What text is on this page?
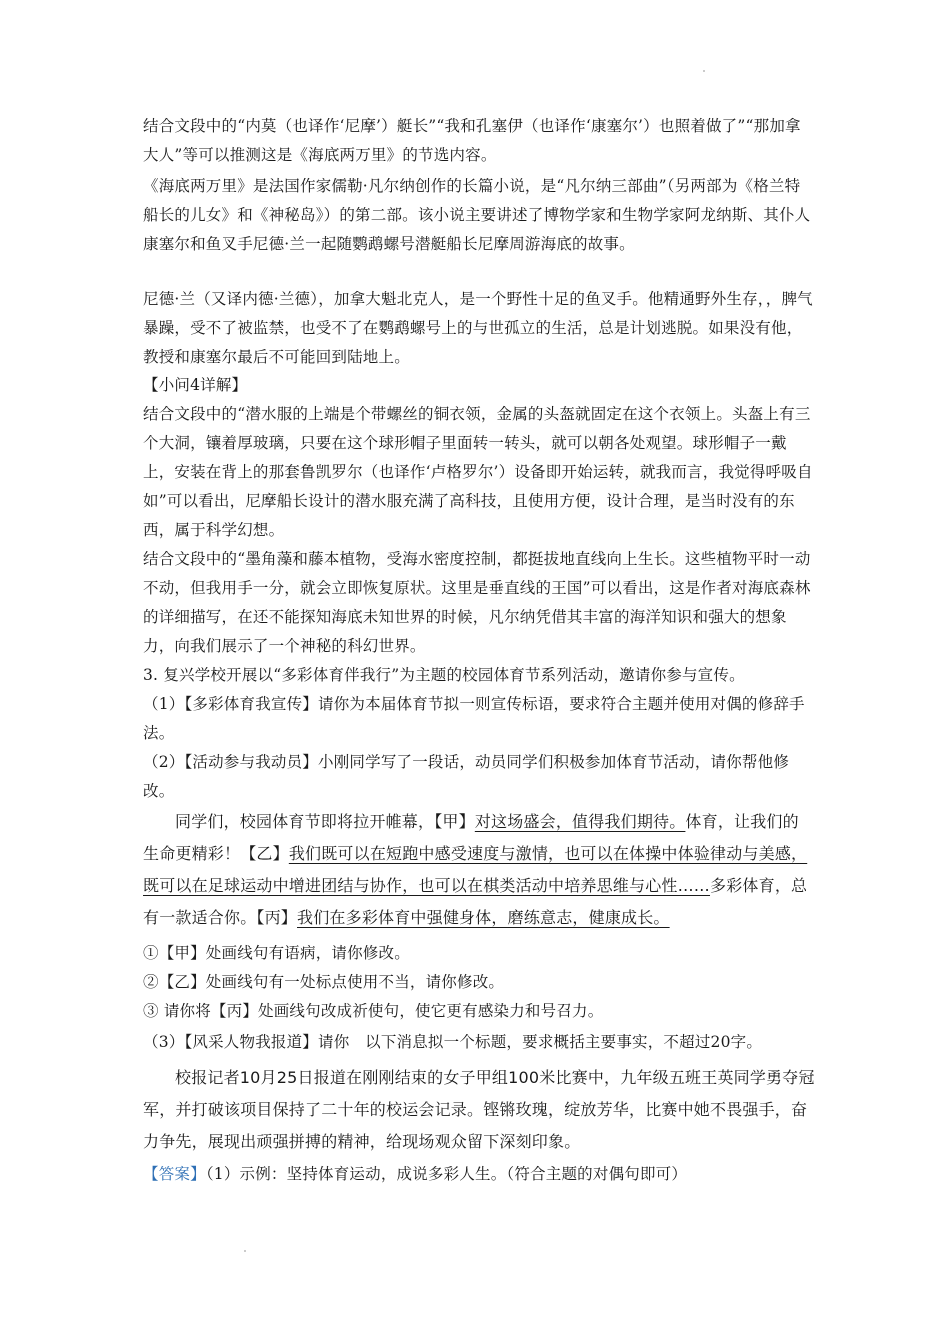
结合文段中的“内莫（也译作‘尼摩’）艇长”“我和孔塞伊（也译作‘康塞尔’）也照着做了”“那加拿大人”等可以推测这是《海底两万里》的节选内容。
《海底两万里》是法国作家儒勒·凡尔纳创作的长篇小说，是“凡尔纳三部曲”（另两部为《格兰特船长的儿女》和《神秘岛》）的第二部。该小说主要讲述了博物学家和生物学家阿龙纳斯、其仆人康塞尔和鱼叉手尼德·兰一起随鹦鹉螺号潜艇船长尼摩周游海底的故事。
尼德·兰（又译内德·兰德），加拿大魁北克人，是一个野性十足的鱼叉手。他精通野外生存，，脾气暴躁，受不了被监禁，也受不了在鹦鹉螺号上的与世孤立的生活，总是计划逃脱。如果没有他，教授和康塞尔最后不可能回到陆地上。
【小问4详解】
结合文段中的“潜水服的上端是个带螺丝的铜衣领，金属的头盔就固定在这个衣领上。头盔上有三个大洞，镶着厚玻璃，只要在这个球形帽子里面转一转头，就可以朝各处观望。球形帽子一戴上，安装在背上的那套鲁凯罗尔（也译作‘卢格罗尔’）设备即开始运转，就我而言，我觉得呼吸自如”可以看出，尼摩船长设计的潜水服充满了高科技，且使用方便，设计合理，是当时没有的东西，属于科学幻想。
结合文段中的“墨角藻和藤本植物，受海水密度控制，都挺拔地直线向上生长。这些植物平时一动不动，但我用手一分，就会立即恢复原状。这里是垂直线的王国”可以看出，这是作者对海底森林的详细描写，在还不能探知海底未知世界的时候，凡尔纳凭借其丰富的海洋知识和强大的想象力，向我们展示了一个神秘的科幻世界。
3. 复兴学校开展以“多彩体育伴我行”为主题的校园体育节系列活动，邀请你参与宣传。
（1）【多彩体育我宣传】请你为本届体育节拟一则宣传标语，要求符合主题并使用对偶的修辞手法。
（2）【活动参与我动员】小刚同学写了一段话，动员同学们积极参加体育节活动，请你帮他修改。
同学们，校园体育节即将拉开帷幕，【甲】对这场盛会，值得我们期待。体育，让我们的生命更精彩！【乙】我们既可以在短跑中感受速度与激情，也可以在体操中体验律动与美感，既可以在足球运动中增进团结与协作，也可以在棋类活动中培养思维与心性……多彩体育，总有一款适合你。【丙】我们在多彩体育中强健身体，磨练意志，健康成长。
①【甲】处画线句有语病，请你修改。
②【乙】处画线句有一处标点使用不当，请你修改。
③ 请你将【丙】处画线句改成祈使句，使它更有感染力和号召力。
（3）【风采人物我报道】请你　以下消息拟一个标题，要求概括主要事实，不超过20字。
校报记者10月25日报道在刚刚结束的女子甲组100米比赛中，九年级五班王英同学勇夺冠军，并打破该项目保持了二十年的校运会记录。铿锵玫瑰，绽放芳华，比赛中她不畏强手，奋力争先，展现出顽强拼搏的精神，给现场观众留下深刻印象。
【答案】（1）示例：坚持体育运动，成说多彩人生。（符合主题的对偶句即可）
